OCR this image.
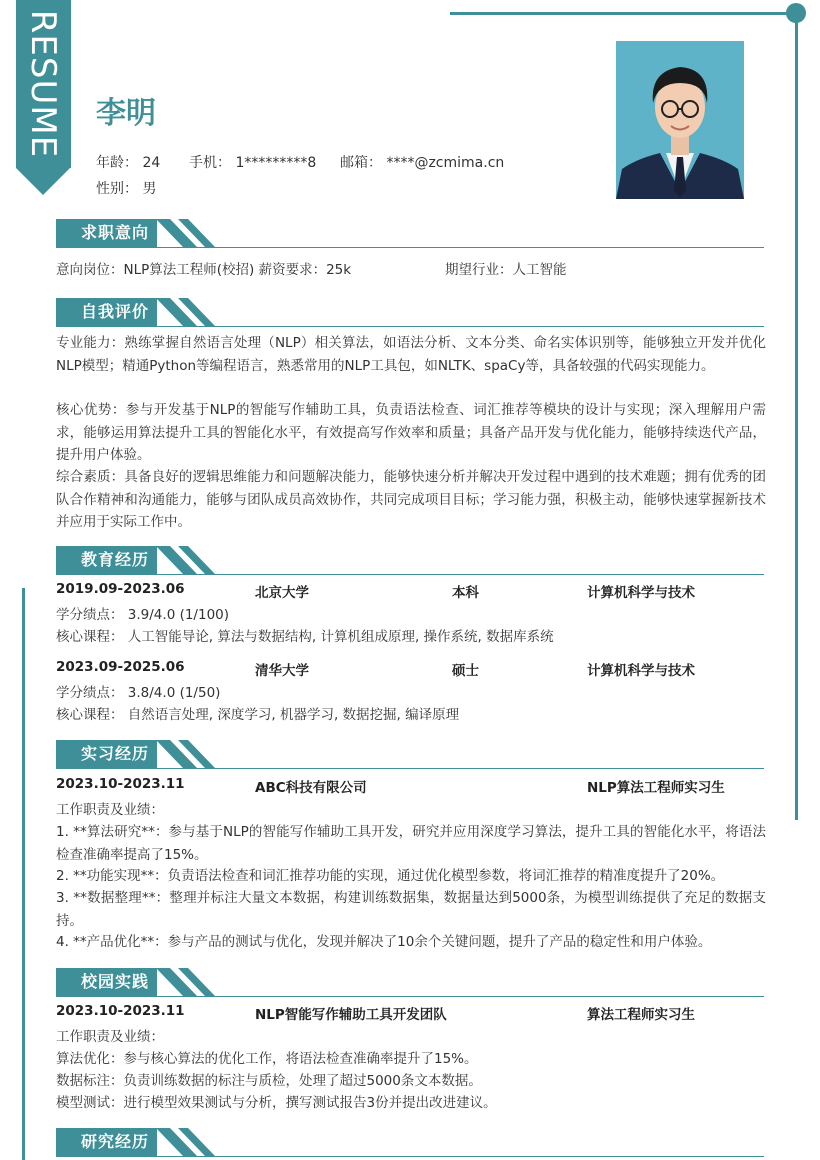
RESUME 李明
年龄： 24 手机： 1*********8 邮箱： ****@zcmima.cn
性别： 男
求职意向
意向岗位：NLP算法工程师(校招) 薪资要求：25k	期望行业：人工智能
自我评价
专业能力：熟练掌握自然语言处理（NLP）相关算法，如语法分析、文本分类、命名实体识别等，能够独立开发并优化NLP模型；精通Python等编程语言，熟悉常用的NLP工具包，如NLTK、spaCy等，具备较强的代码实现能力。
核心优势：参与开发基于NLP的智能写作辅助工具，负责语法检查、词汇推荐等模块的设计与实现；深入理解用户需求，能够运用算法提升工具的智能化水平，有效提高写作效率和质量；具备产品开发与优化能力，能够持续迭代产品，提升用户体验。
综合素质：具备良好的逻辑思维能力和问题解决能力，能够快速分析并解决开发过程中遇到的技术难题；拥有优秀的团队合作精神和沟通能力，能够与团队成员高效协作，共同完成项目目标；学习能力强，积极主动，能够快速掌握新技术并应用于实际工作中。
教育经历
2019.09-2023.06	北京大学	本科	计算机科学与技术
学分绩点： 3.9/4.0 (1/100)
核心课程： 人工智能导论, 算法与数据结构, 计算机组成原理, 操作系统, 数据库系统
2023.09-2025.06	清华大学	硕士	计算机科学与技术
学分绩点： 3.8/4.0 (1/50)
核心课程： 自然语言处理, 深度学习, 机器学习, 数据挖掘, 编译原理
实习经历
2023.10-2023.11	ABC科技有限公司	NLP算法工程师实习生
工作职责及业绩：
1. **算法研究**：参与基于NLP的智能写作辅助工具开发，研究并应用深度学习算法，提升工具的智能化水平，将语法检查准确率提高了15%。
2. **功能实现**：负责语法检查和词汇推荐功能的实现，通过优化模型参数，将词汇推荐的精准度提升了20%。
3. **数据整理**：整理并标注大量文本数据，构建训练数据集，数据量达到5000条，为模型训练提供了充足的数据支持。
4. **产品优化**：参与产品的测试与优化，发现并解决了10余个关键问题，提升了产品的稳定性和用户体验。
校园实践
2023.10-2023.11	NLP智能写作辅助工具开发团队	算法工程师实习生
工作职责及业绩：
算法优化：参与核心算法的优化工作，将语法检查准确率提升了15%。
数据标注：负责训练数据的标注与质检，处理了超过5000条文本数据。
模型测试：进行模型效果测试与分析，撰写测试报告3份并提出改进建议。
研究经历
